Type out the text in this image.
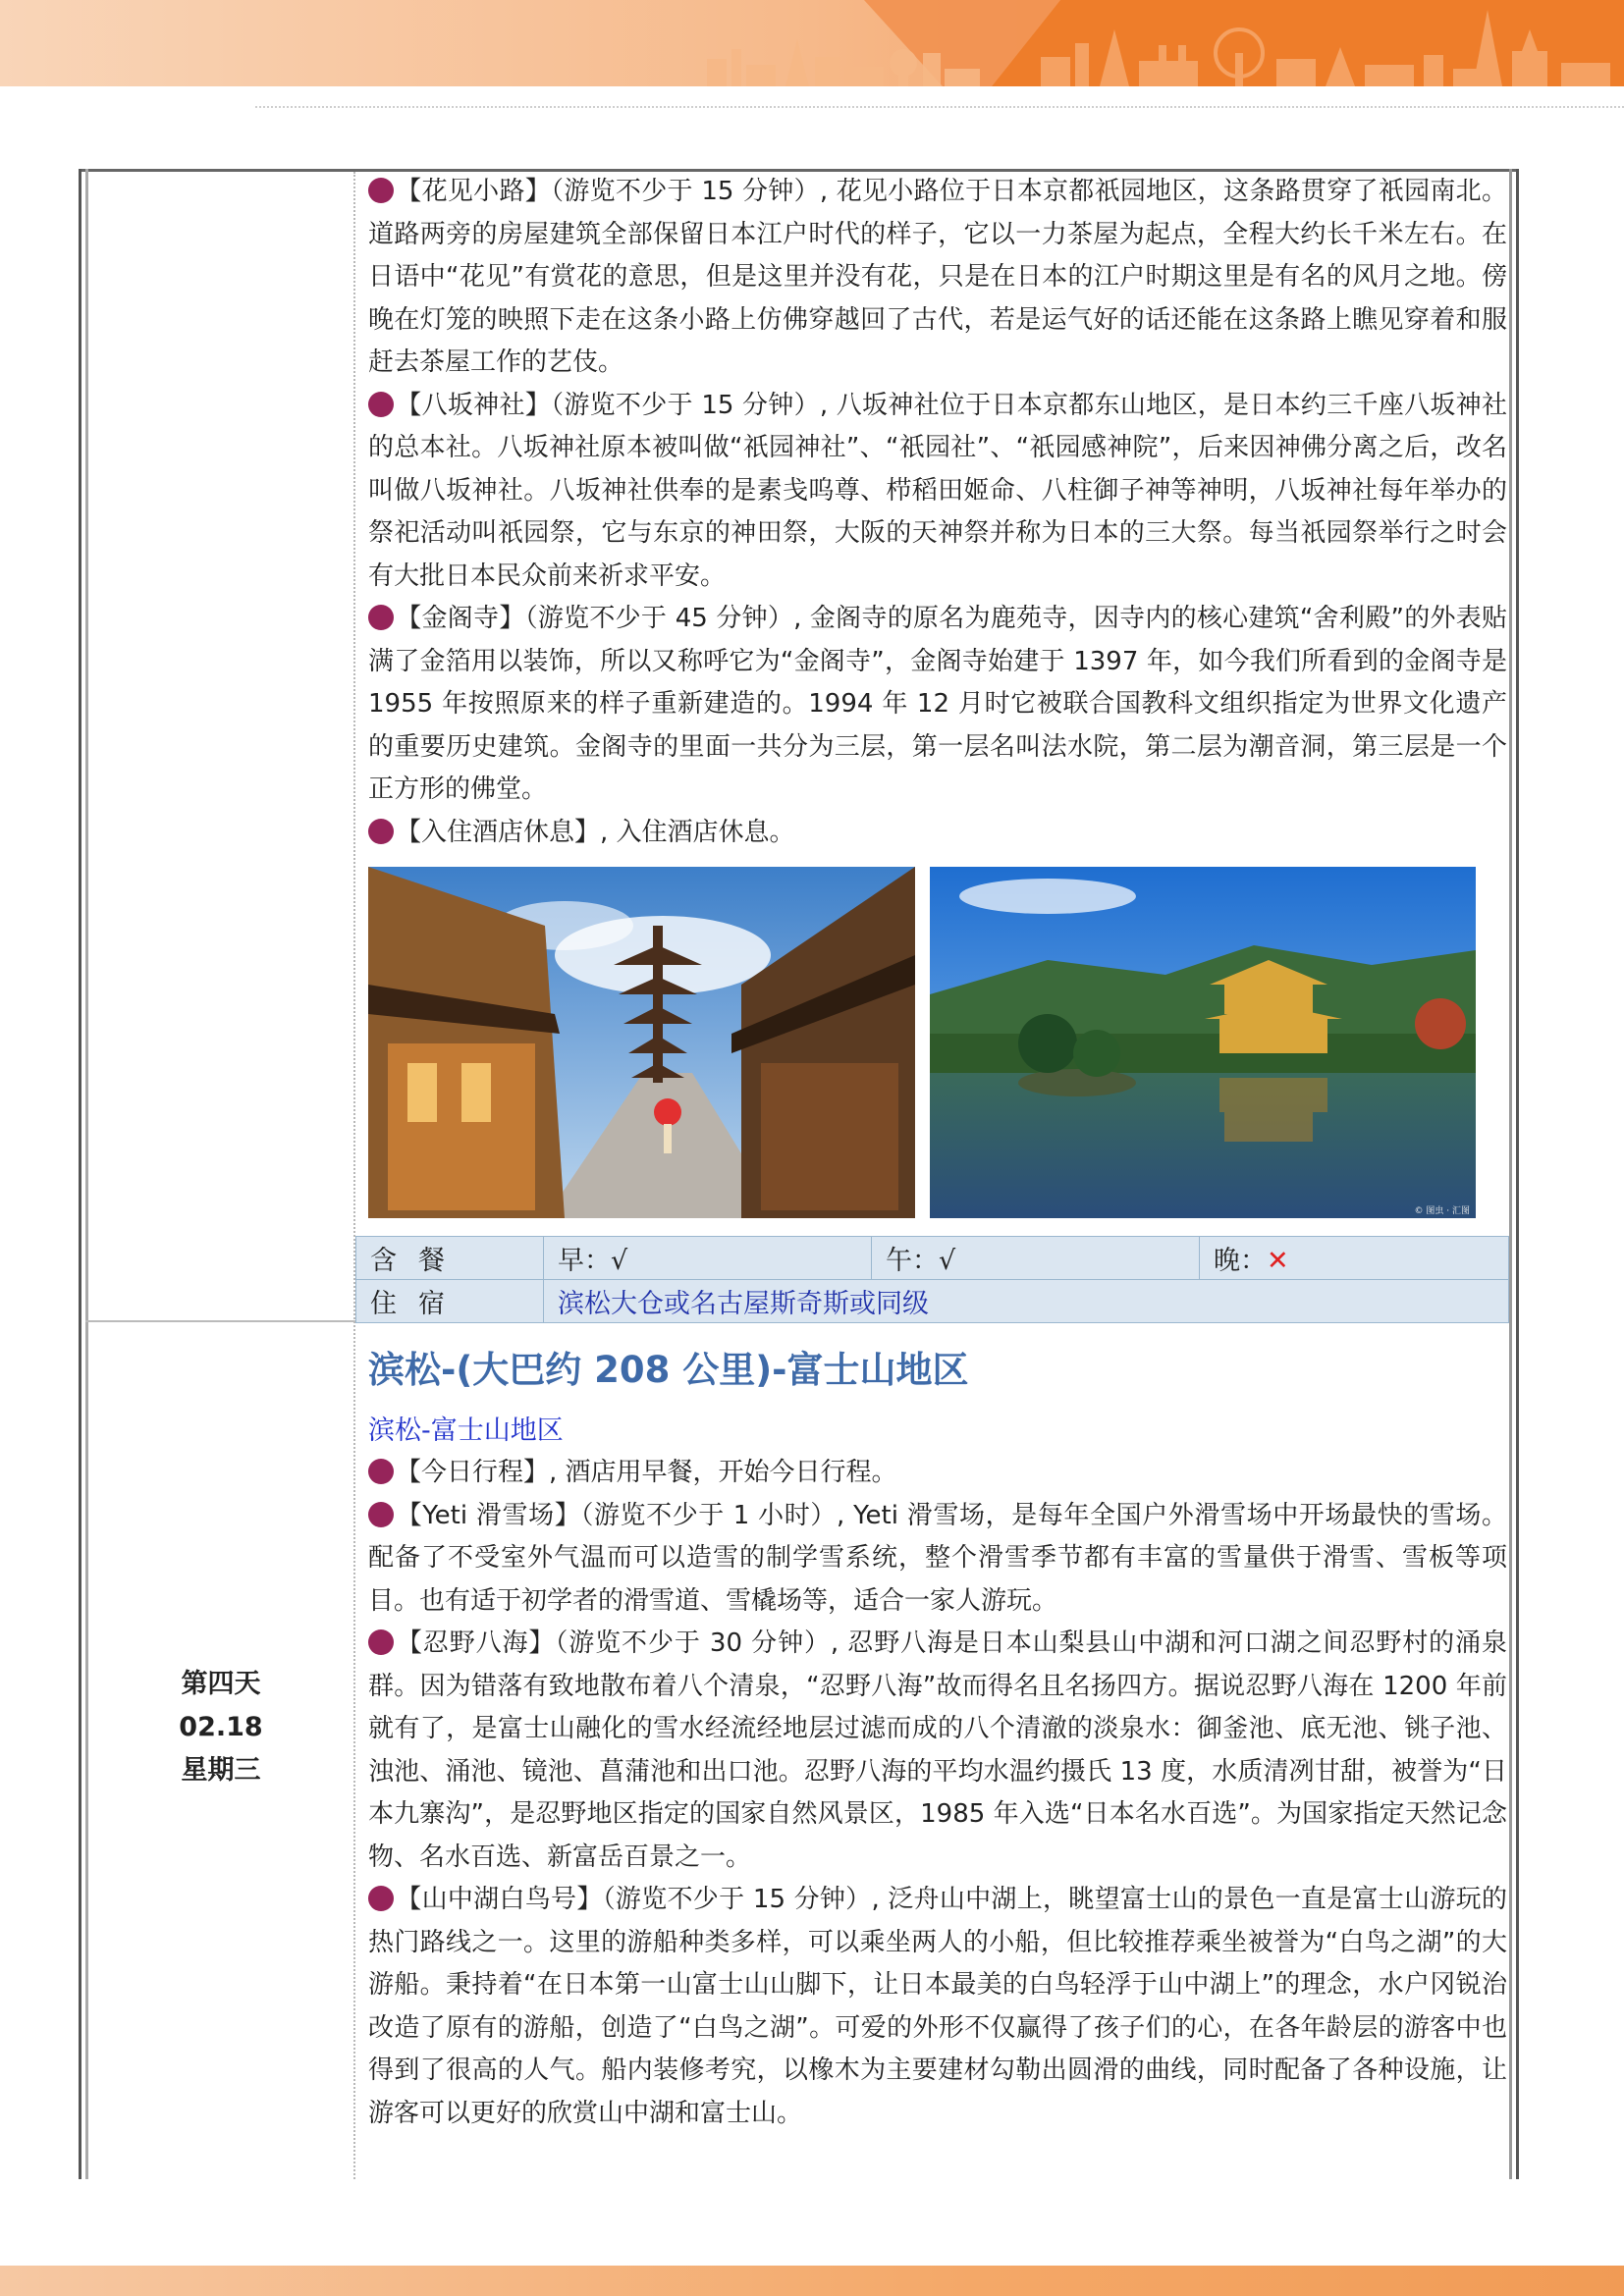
【花见小路】（游览不少于 15 分钟）, 花见小路位于日本京都祇园地区，这条路贯穿了祇园南北。道路两旁的房屋建筑全部保留日本江户时代的样子，它以一力茶屋为起点，全程大约长千米左右。在日语中“花见”有赏花的意思，但是这里并没有花，只是在日本的江户时期这里是有名的风月之地。傍晚在灯笼的映照下走在这条小路上仿佛穿越回了古代，若是运气好的话还能在这条路上瞧见穿着和服赶去茶屋工作的艺伎。

【八坂神社】（游览不少于 15 分钟）, 八坂神社位于日本京都东山地区，是日本约三千座八坂神社的总本社。八坂神社原本被叫做“祇园神社”、“祇园社”、“祇园感神院”，后来因神佛分离之后，改名叫做八坂神社。八坂神社供奉的是素戋呜尊、栉稻田姬命、八柱御子神等神明，八坂神社每年举办的祭祀活动叫祇园祭，它与东京的神田祭，大阪的天神祭并称为日本的三大祭。每当祇园祭举行之时会有大批日本民众前来祈求平安。

【金阁寺】（游览不少于 45 分钟）, 金阁寺的原名为鹿苑寺，因寺内的核心建筑“舍利殿”的外表贴满了金箔用以装饰，所以又称呼它为“金阁寺”，金阁寺始建于 1397 年，如今我们所看到的金阁寺是 1955 年按照原来的样子重新建造的。1994 年 12 月时它被联合国教科文组织指定为世界文化遗产的重要历史建筑。金阁寺的里面一共分为三层，第一层名叫法水院，第二层为潮音洞，第三层是一个正方形的佛堂。

【入住酒店休息】, 入住酒店休息。

© 图虫 · 汇图
含餐	早：√	午：√	晚：✕
住宿	滨松大仓或名古屋斯奇斯或同级		
第四天
02.18
星期三
滨松-(大巴约 208 公里)-富士山地区
滨松-富士山地区

【今日行程】, 酒店用早餐，开始今日行程。

【Yeti 滑雪场】（游览不少于 1 小时）, Yeti 滑雪场，是每年全国户外滑雪场中开场最快的雪场。配备了不受室外气温而可以造雪的制学雪系统，整个滑雪季节都有丰富的雪量供于滑雪、雪板等项目。也有适于初学者的滑雪道、雪橇场等，适合一家人游玩。

【忍野八海】（游览不少于 30 分钟）, 忍野八海是日本山梨县山中湖和河口湖之间忍野村的涌泉群。因为错落有致地散布着八个清泉，“忍野八海”故而得名且名扬四方。据说忍野八海在 1200 年前就有了，是富士山融化的雪水经流经地层过滤而成的八个清澈的淡泉水：御釜池、底无池、铫子池、浊池、涌池、镜池、菖蒲池和出口池。忍野八海的平均水温约摄氏 13 度，水质清冽甘甜，被誉为“日本九寨沟”，是忍野地区指定的国家自然风景区，1985 年入选“日本名水百选”。为国家指定天然记念物、名水百选、新富岳百景之一。

【山中湖白鸟号】（游览不少于 15 分钟）, 泛舟山中湖上，眺望富士山的景色一直是富士山游玩的热门路线之一。这里的游船种类多样，可以乘坐两人的小船，但比较推荐乘坐被誉为“白鸟之湖”的大游船。秉持着“在日本第一山富士山山脚下，让日本最美的白鸟轻浮于山中湖上”的理念，水户冈锐治改造了原有的游船，创造了“白鸟之湖”。可爱的外形不仅赢得了孩子们的心，在各年龄层的游客中也得到了很高的人气。船内装修考究，以橡木为主要建材勾勒出圆滑的曲线，同时配备了各种设施，让游客可以更好的欣赏山中湖和富士山。
